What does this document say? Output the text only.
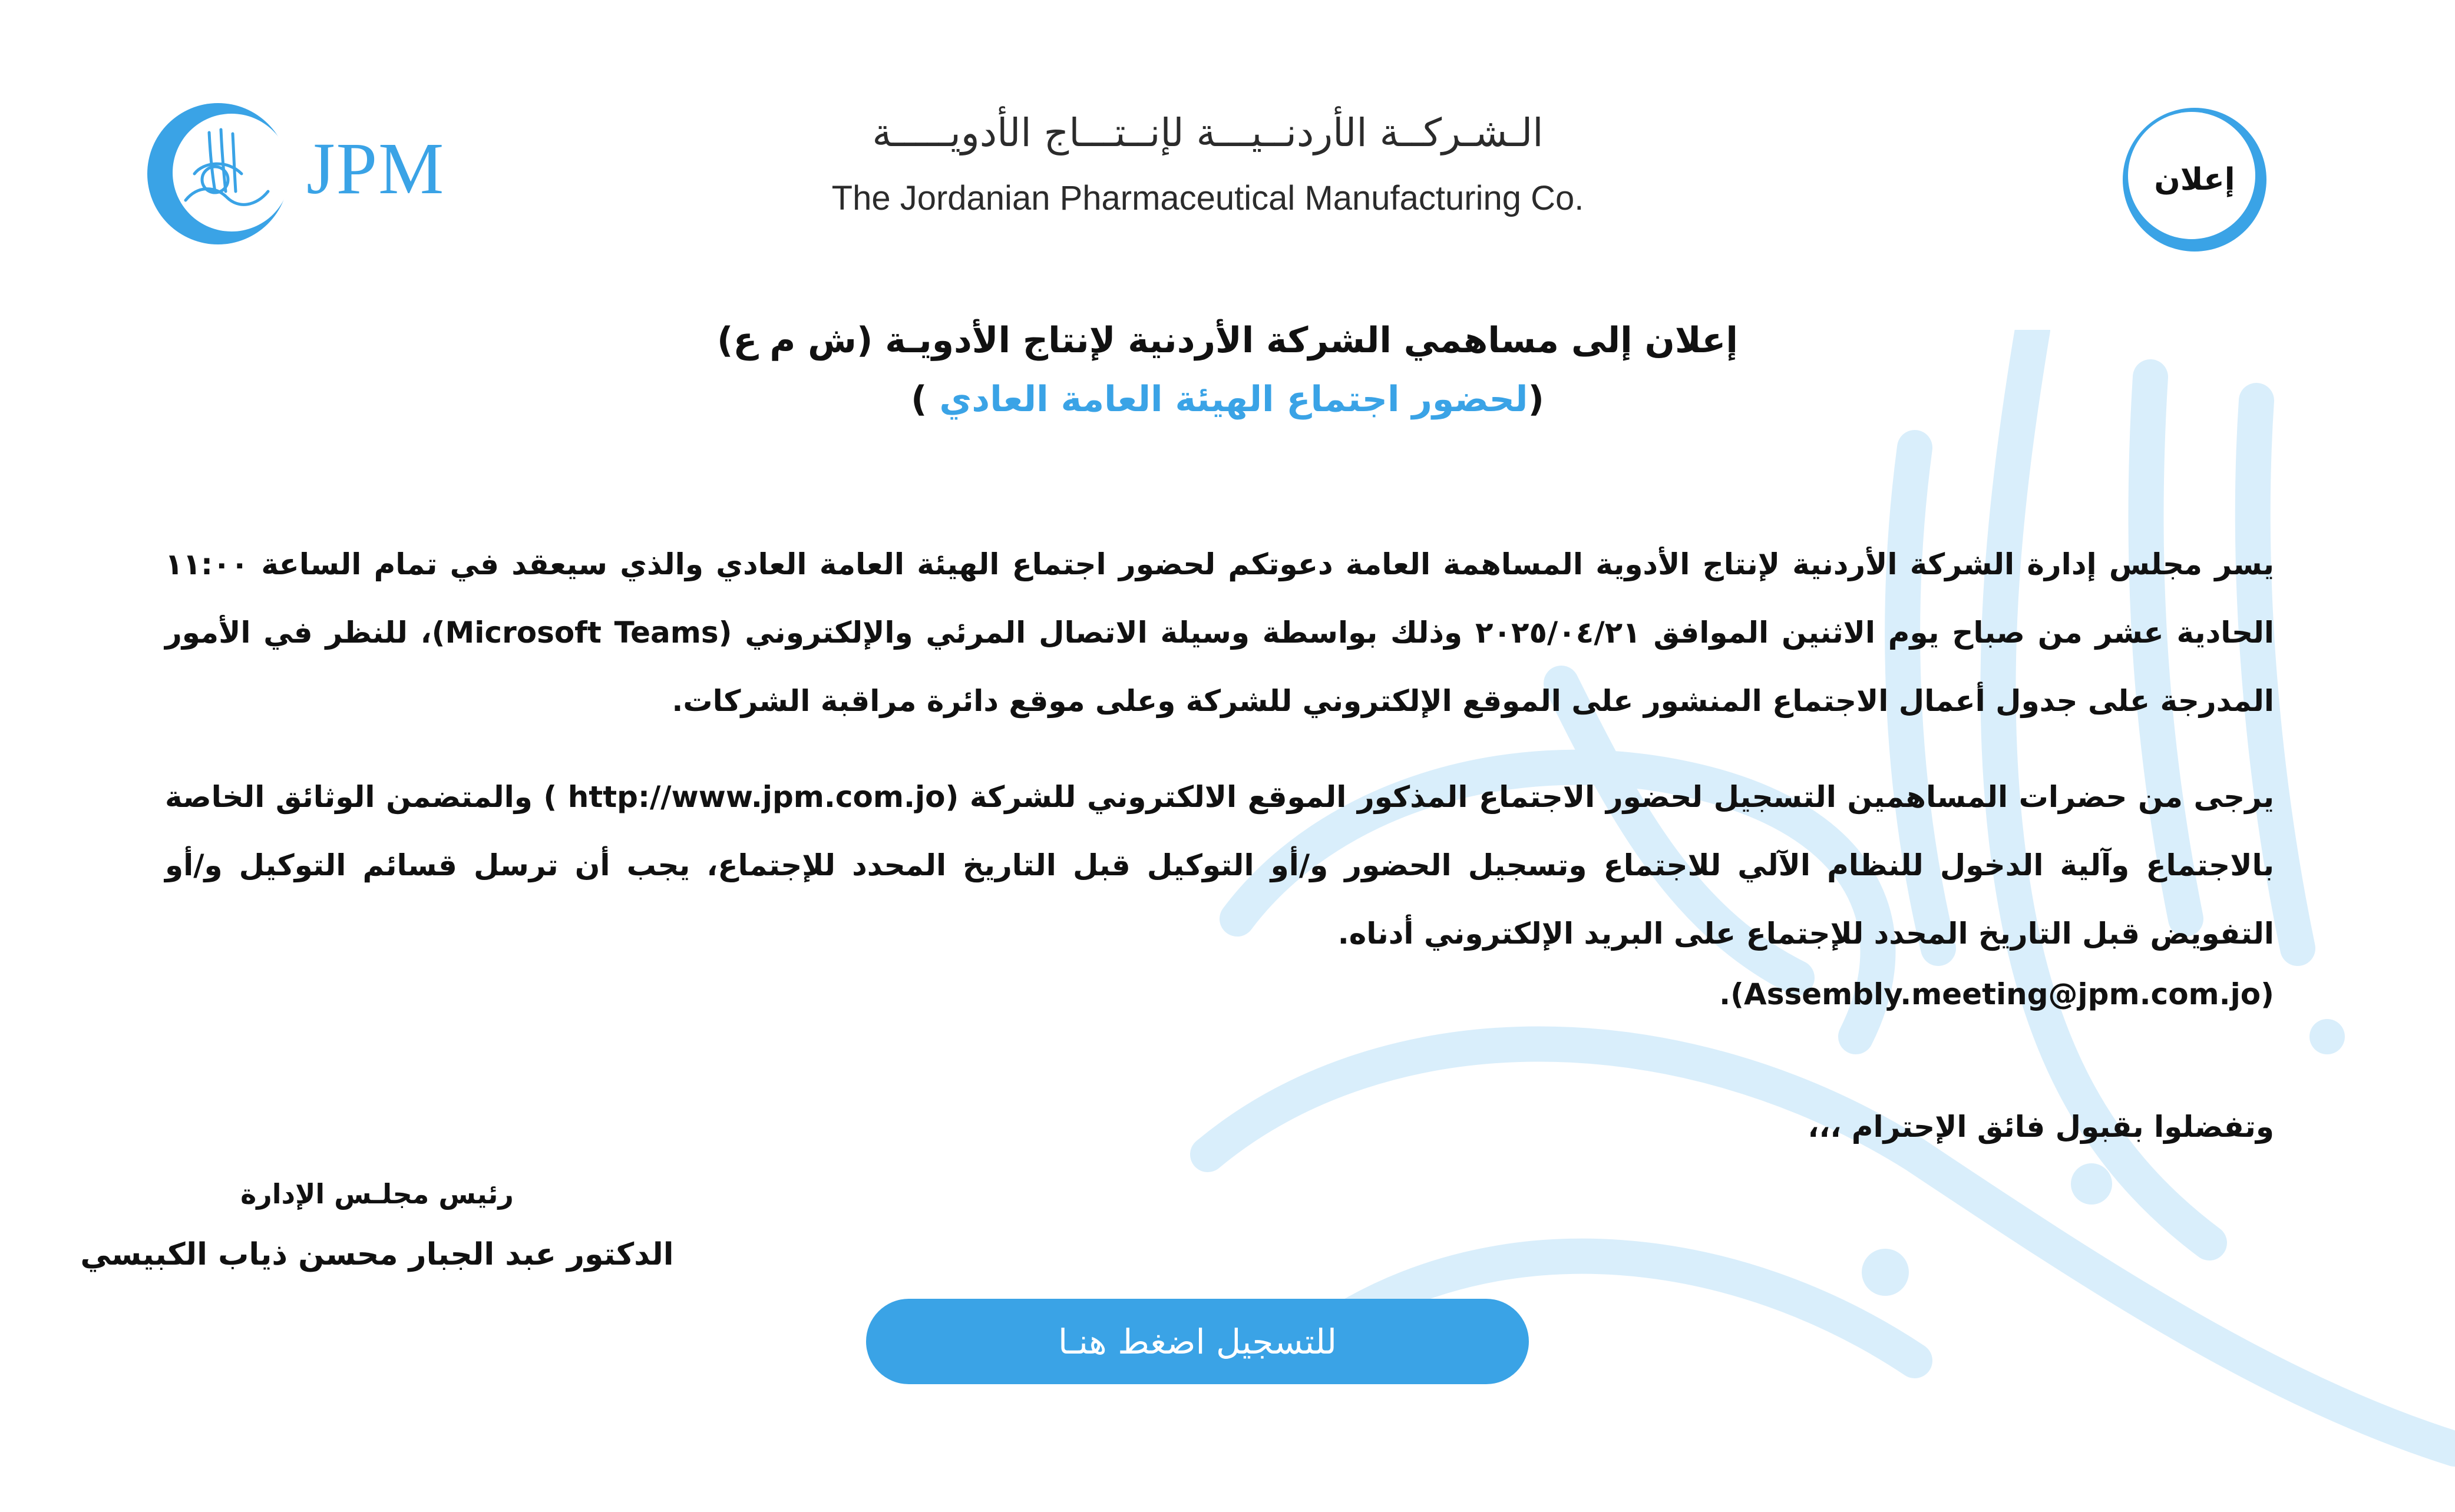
JPM	الـشـركــة الأردنــيـــة لإنــتـــاج الأدويـــــة
The Jordanian Pharmaceutical Manufacturing Co.	إعلان
إعلان إلى مساهمي الشركة الأردنية لإنتاج الأدويـة (ش م ع)
(لحضور اجتماع الهيئة العامة العادي )
يسر مجلس إدارة الشركة الأردنية لإنتاج الأدوية المساهمة العامة دعوتكم لحضور اجتماع الهيئة العامة العادي والذي سيعقد في تمام الساعة ١١:٠٠ الحادية عشر من صباح يوم الاثنين الموافق ٢٠٢٥/٠٤/٢١ وذلك بواسطة وسيلة الاتصال المرئي والإلكتروني (Microsoft Teams)، للنظر في الأمور المدرجة على جدول أعمال الاجتماع المنشور على الموقع الإلكتروني للشركة وعلى موقع دائرة مراقبة الشركات.
يرجى من حضرات المساهمين التسجيل لحضور الاجتماع المذكور الموقع الالكتروني للشركة (http://www.jpm.com.jo ) والمتضمن الوثائق الخاصة بالاجتماع وآلية الدخول للنظام الآلي للاجتماع وتسجيل الحضور و/أو التوكيل قبل التاريخ المحدد للإجتماع، يجب أن ترسل قسائم التوكيل و/أو التفويض قبل التاريخ المحدد للإجتماع على البريد الإلكتروني أدناه.
(Assembly.meeting@jpm.com.jo).
وتفضلوا بقبول فائق الإحترام ،،،
رئيس مجلـس الإدارة
الدكتور عبد الجبار محسن ذياب الكبيسي
للتسجيل اضغط هنـا
